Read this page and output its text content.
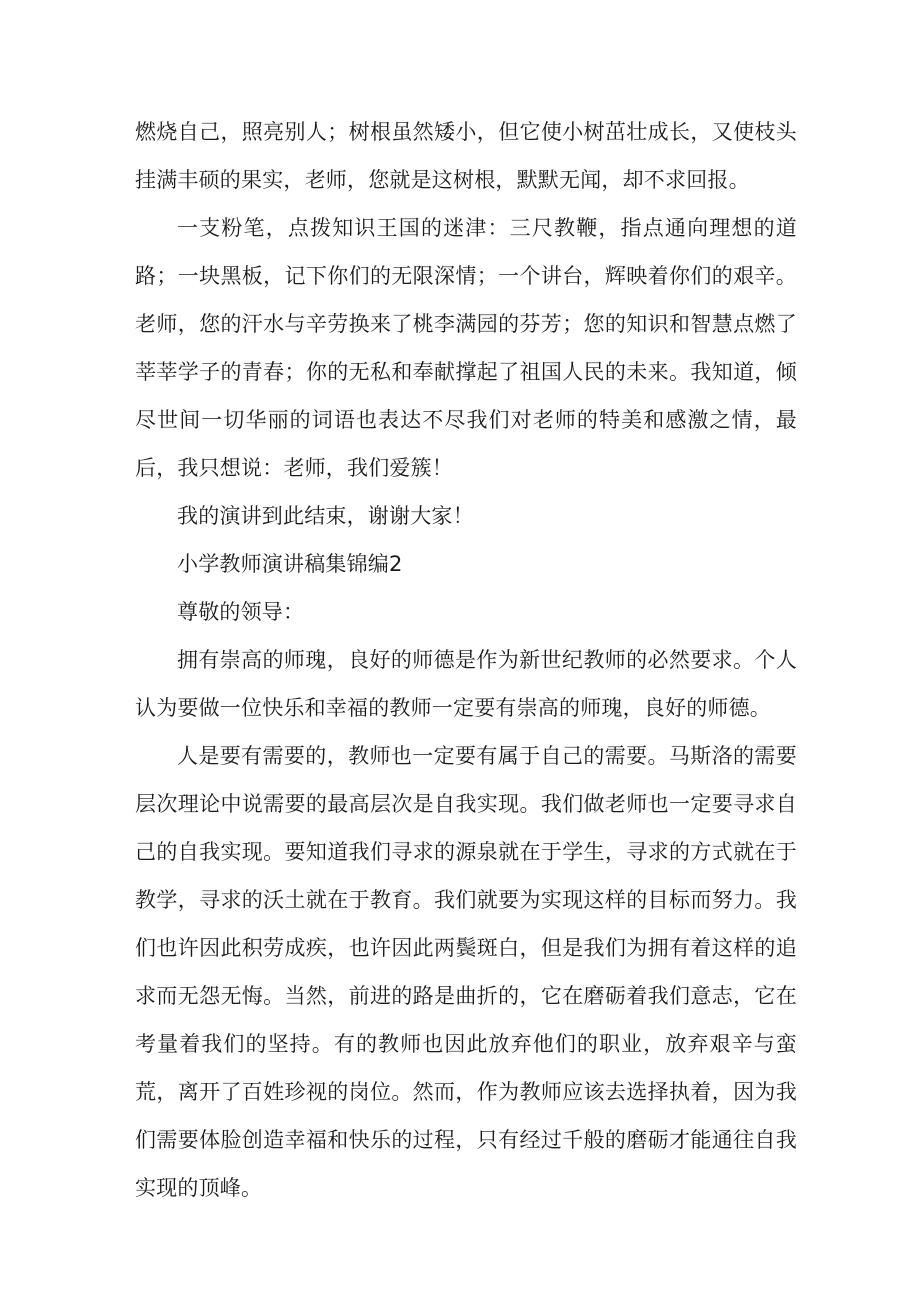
燃烧自己，照亮别人；树根虽然矮小，但它使小树茁壮成长，又使枝头挂满丰硕的果实，老师，您就是这树根，默默无闻，却不求回报。

一支粉笔，点拨知识王国的迷津：三尺教鞭，指点通向理想的道路；一块黑板，记下你们的无限深情；一个讲台，辉映着你们的艰辛。老师，您的汗水与辛劳换来了桃李满园的芬芳；您的知识和智慧点燃了莘莘学子的青春；你的无私和奉献撑起了祖国人民的未来。我知道，倾尽世间一切华丽的词语也表达不尽我们对老师的特美和感激之情，最后，我只想说：老师，我们爱簇！

我的演讲到此结束，谢谢大家！

小学教师演讲稿集锦编2

尊敬的领导：

拥有崇高的师瑰，良好的师德是作为新世纪教师的必然要求。个人认为要做一位快乐和幸福的教师一定要有崇高的师瑰，良好的师德。

人是要有需要的，教师也一定要有属于自己的需要。马斯洛的需要层次理论中说需要的最高层次是自我实现。我们做老师也一定要寻求自己的自我实现。要知道我们寻求的源泉就在于学生，寻求的方式就在于教学，寻求的沃土就在于教育。我们就要为实现这样的目标而努力。我们也许因此积劳成疾，也许因此两鬓斑白，但是我们为拥有着这样的追求而无怨无悔。当然，前进的路是曲折的，它在磨砺着我们意志，它在考量着我们的坚持。有的教师也因此放弃他们的职业，放弃艰辛与蛮荒，离开了百姓珍视的岗位。然而，作为教师应该去选择执着，因为我们需要体脸创造幸福和快乐的过程，只有经过千般的磨砺才能通往自我实现的顶峰。
